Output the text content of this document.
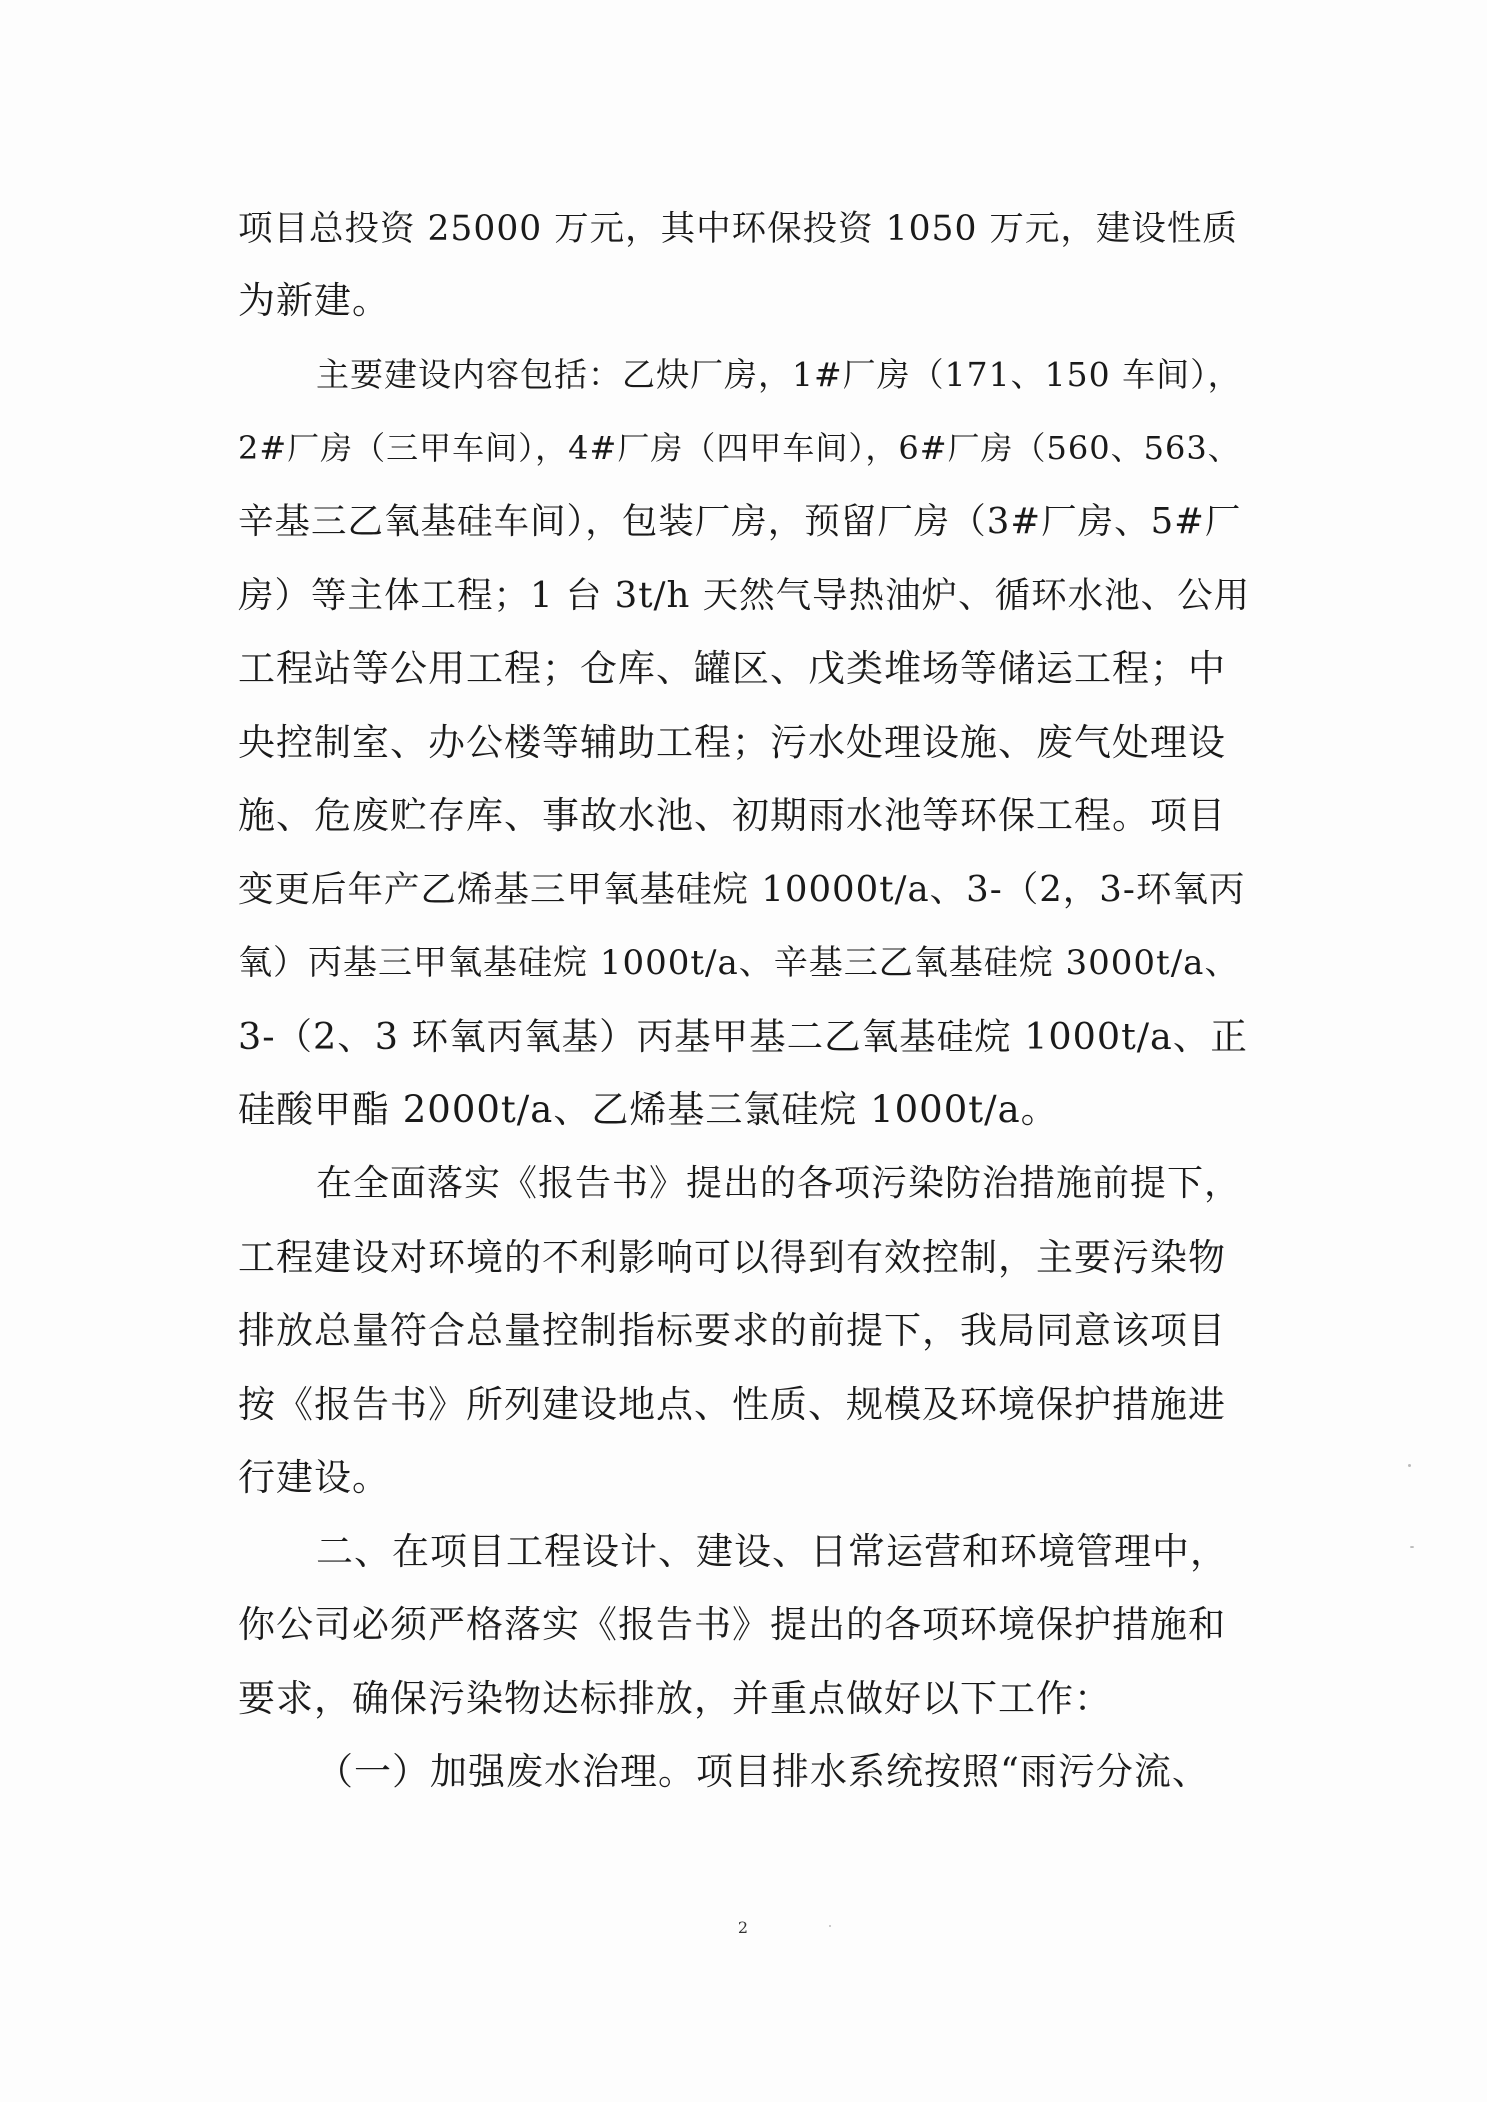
项目总投资 25000 万元，其中环保投资 1050 万元，建设性质
为新建。
主要建设内容包括：乙炔厂房，1#厂房（171、150 车间），
2#厂房（三甲车间），4#厂房（四甲车间），6#厂房（560、563、
辛基三乙氧基硅车间），包装厂房，预留厂房（3#厂房、5#厂
房）等主体工程；1 台 3t/h 天然气导热油炉、循环水池、公用
工程站等公用工程；仓库、罐区、戊类堆场等储运工程；中
央控制室、办公楼等辅助工程；污水处理设施、废气处理设
施、危废贮存库、事故水池、初期雨水池等环保工程。项目
变更后年产乙烯基三甲氧基硅烷 10000t/a、3-（2，3-环氧丙
氧）丙基三甲氧基硅烷 1000t/a、辛基三乙氧基硅烷 3000t/a、
3-（2、3 环氧丙氧基）丙基甲基二乙氧基硅烷 1000t/a、正
硅酸甲酯 2000t/a、乙烯基三氯硅烷 1000t/a。
在全面落实《报告书》提出的各项污染防治措施前提下，
工程建设对环境的不利影响可以得到有效控制，主要污染物
排放总量符合总量控制指标要求的前提下，我局同意该项目
按《报告书》所列建设地点、性质、规模及环境保护措施进
行建设。
二、在项目工程设计、建设、日常运营和环境管理中，
你公司必须严格落实《报告书》提出的各项环境保护措施和
要求，确保污染物达标排放，并重点做好以下工作：
（一）加强废水治理。项目排水系统按照“雨污分流、
2
